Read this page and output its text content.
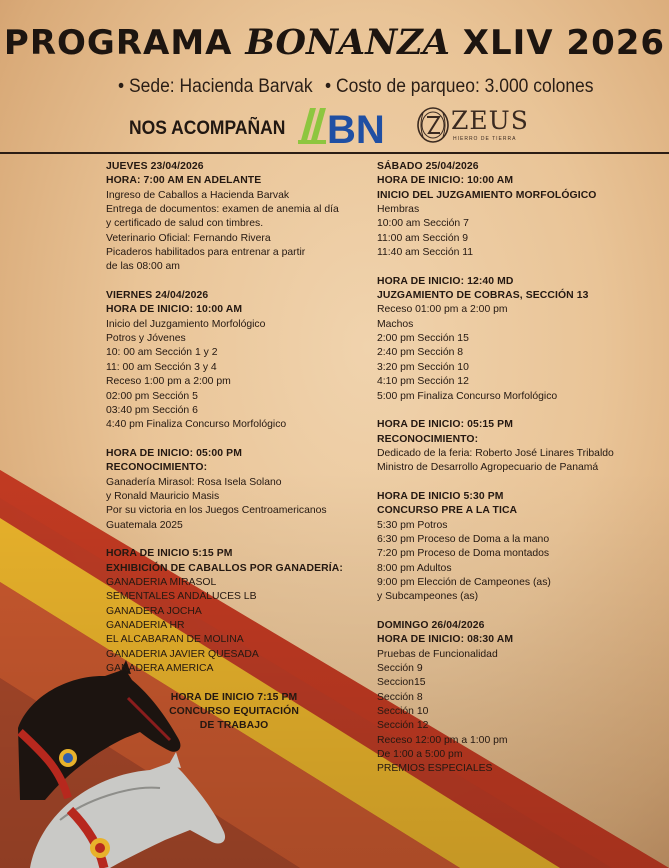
PROGRAMA BONANZA XLIV 2026
• Sede: Hacienda Barvak • Costo de parqueo: 3.000 colones
NOS ACOMPAÑAN BN	ZEUS
HIERRO DE TIERRA
JUEVES 23/04/2026
HORA: 7:00 AM EN ADELANTE
Ingreso de Caballos a Hacienda Barvak
Entrega de documentos: examen de anemia al día
y certificado de salud con timbres.
Veterinario Oficial: Fernando Rivera
Picaderos habilitados para entrenar a partir
de las 08:00 am
VIERNES 24/04/2026
HORA DE INICIO: 10:00 AM
Inicio del Juzgamiento Morfológico
Potros y Jóvenes
10: 00 am Sección 1 y 2
11: 00 am Sección 3 y 4
Receso 1:00 pm a 2:00 pm
02:00 pm Sección 5
03:40 pm Sección 6
4:40 pm Finaliza Concurso Morfológico
HORA DE INICIO: 05:00 PM
RECONOCIMIENTO:
Ganadería Mirasol: Rosa Isela Solano
y Ronald Mauricio Masis
Por su victoria en los Juegos Centroamericanos
Guatemala 2025
HORA DE INICIO 5:15 PM
EXHIBICIÓN DE CABALLOS POR GANADERÍA:
GANADERIA MIRASOL
SEMENTALES ANDALUCES LB
GANADERA JOCHA
GANADERIA HR
EL ALCABARAN DE MOLINA
GANADERIA JAVIER QUESADA
GANADERA AMERICA
HORA DE INICIO 7:15 PM
CONCURSO EQUITACIÓN
DE TRABAJO
SÁBADO 25/04/2026
HORA DE INICIO: 10:00 AM
INICIO DEL JUZGAMIENTO MORFOLÓGICO
Hembras
10:00 am Sección 7
11:00 am Sección 9
11:40 am Sección 11
HORA DE INICIO: 12:40 MD
JUZGAMIENTO DE COBRAS, SECCIÓN 13
Receso 01:00 pm a 2:00 pm
Machos
2:00 pm Sección 15
2:40 pm Sección 8
3:20 pm Sección 10
4:10 pm Sección 12
5:00 pm Finaliza Concurso Morfológico
HORA DE INICIO: 05:15 PM
RECONOCIMIENTO:
Dedicado de la feria: Roberto José Linares Tribaldo
Ministro de Desarrollo Agropecuario de Panamá
HORA DE INICIO 5:30 PM
CONCURSO PRE A LA TICA
5:30 pm Potros
6:30 pm Proceso de Doma a la mano
7:20 pm Proceso de Doma montados
8:00 pm Adultos
9:00 pm Elección de Campeones (as)
y Subcampeones (as)
DOMINGO 26/04/2026
HORA DE INICIO: 08:30 AM
Pruebas de Funcionalidad
Sección 9
Seccion15
Sección 8
Sección 10
Sección 12
Receso 12:00 pm a 1:00 pm
De 1:00 a 5:00 pm
PREMIOS ESPECIALES
